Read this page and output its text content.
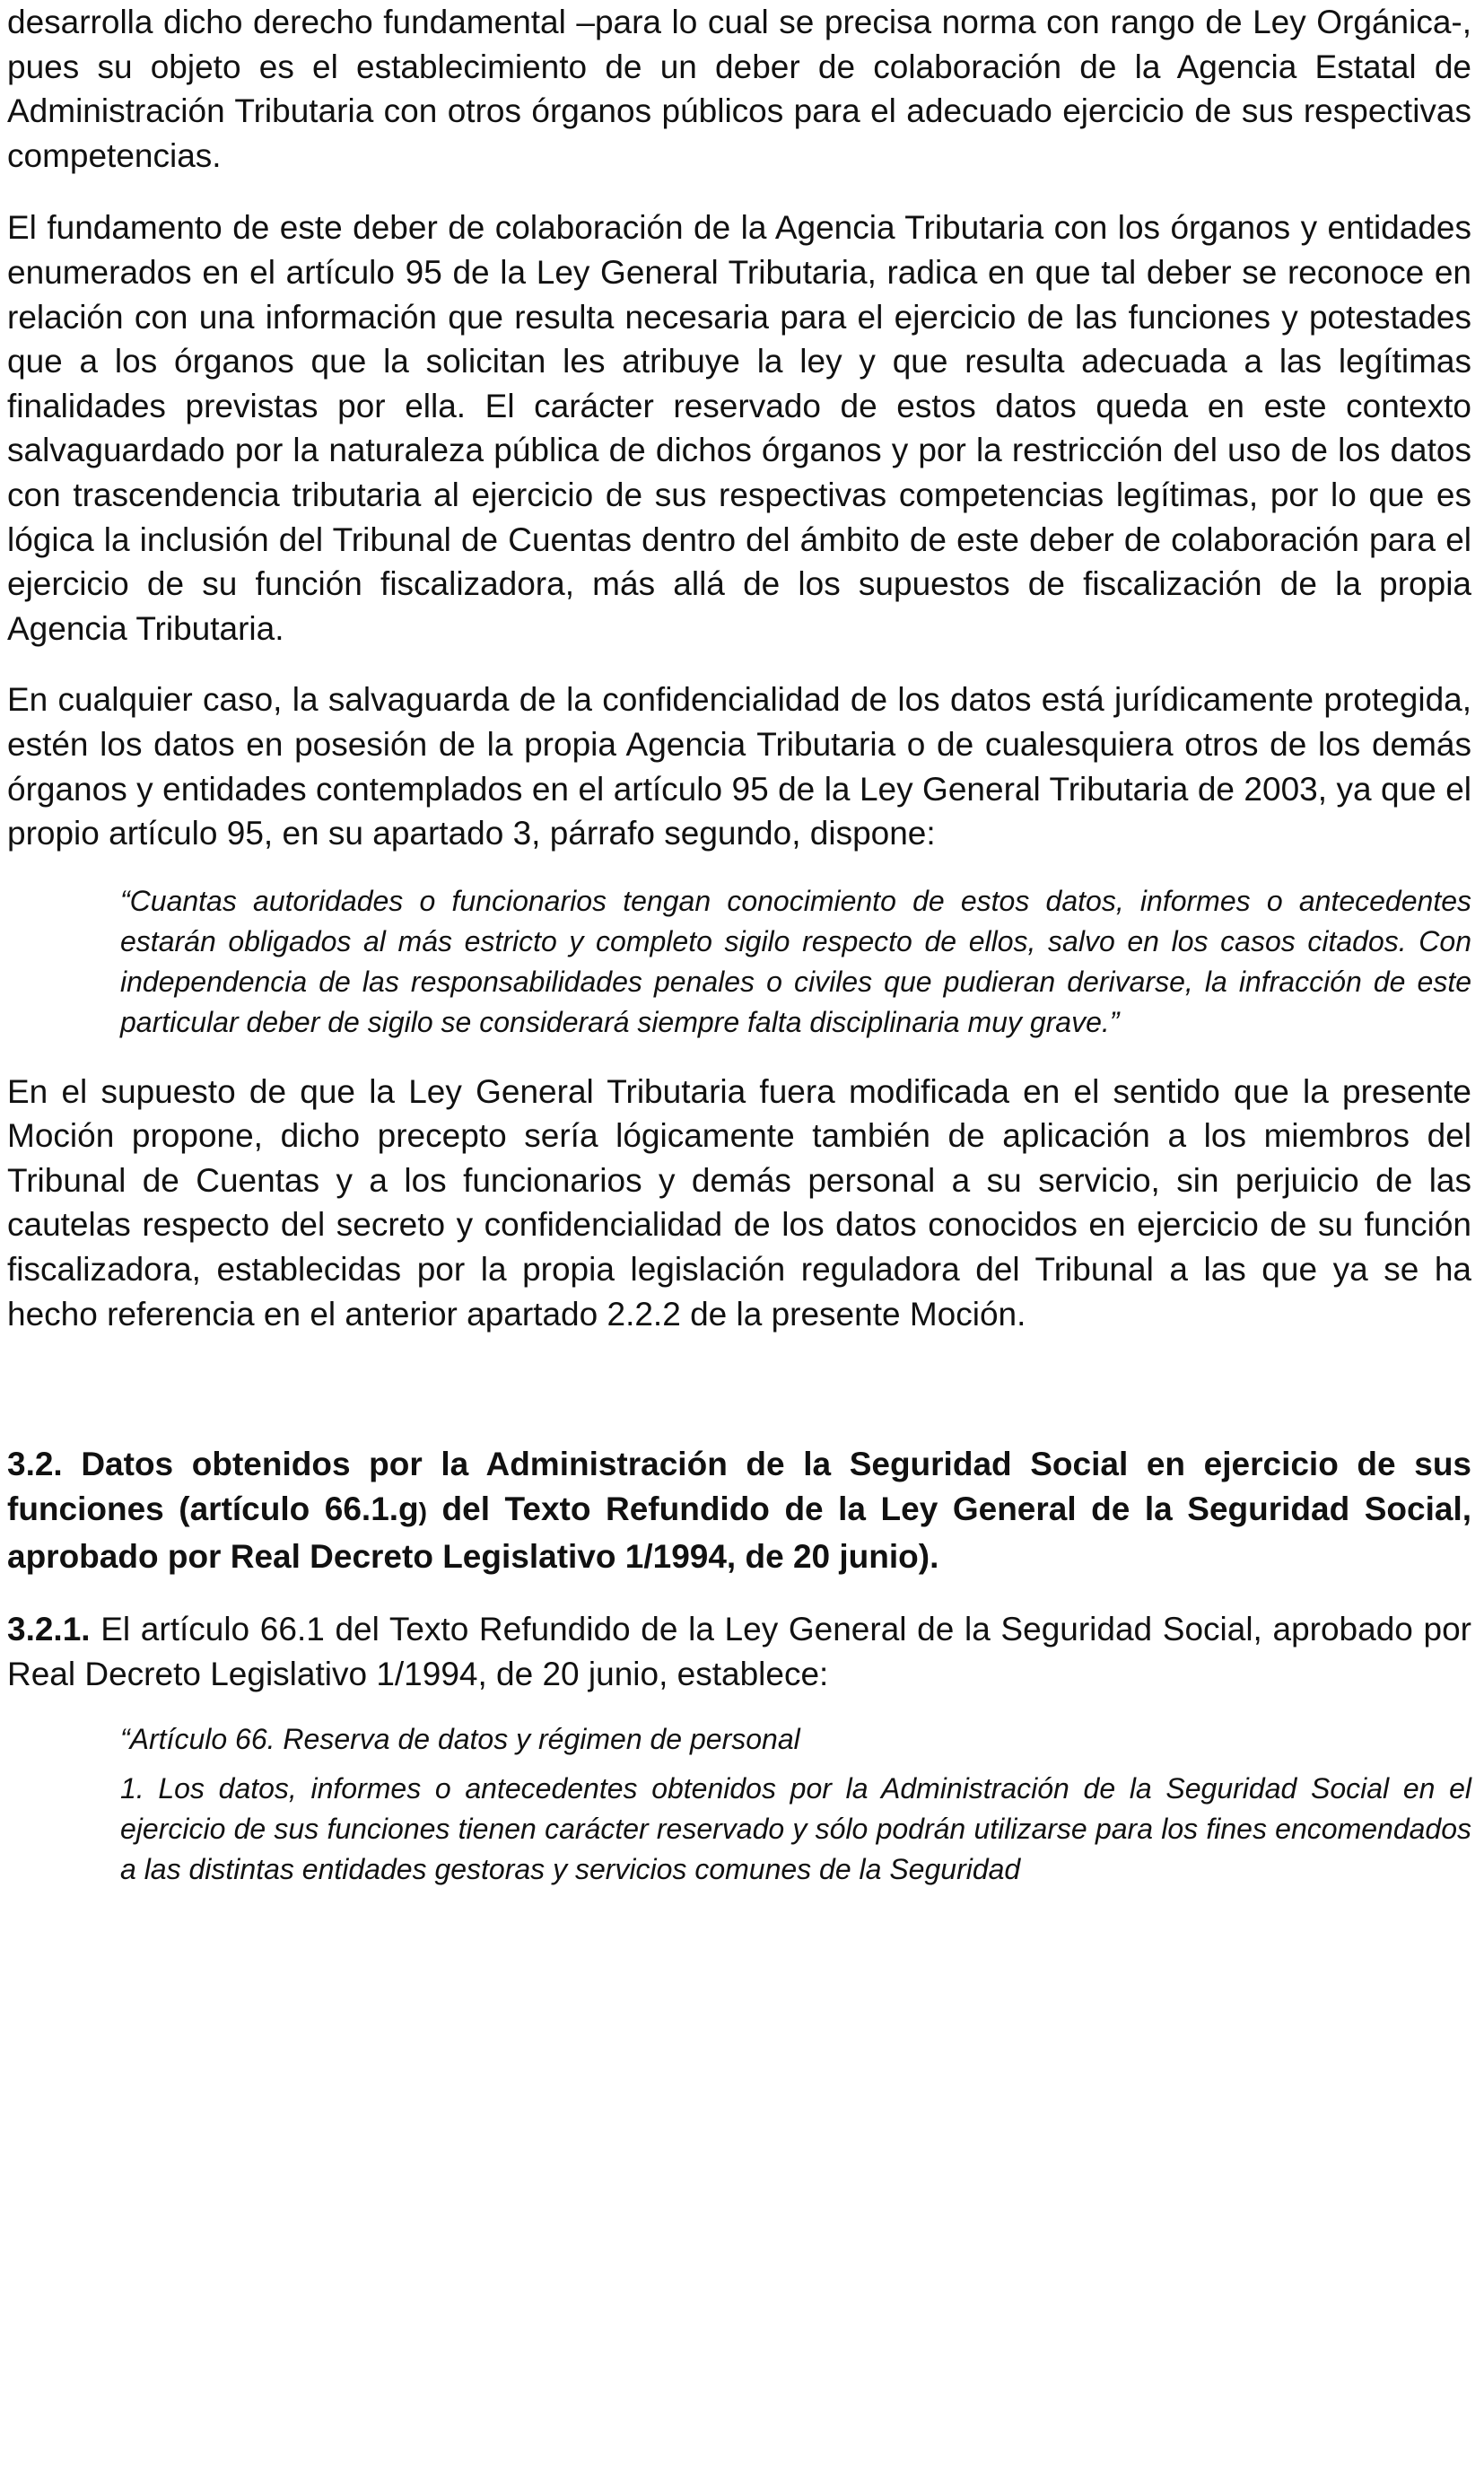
desarrolla dicho derecho fundamental –para lo cual se precisa norma con rango de Ley Orgánica-, pues su objeto es el establecimiento de un deber de colaboración de la Agencia Estatal de Administración Tributaria con otros órganos públicos para el adecuado ejercicio de sus respectivas competencias.

El fundamento de este deber de colaboración de la Agencia Tributaria con los órganos y entidades enumerados en el artículo 95 de la Ley General Tributaria, radica en que tal deber se reconoce en relación con una información que resulta necesaria para el ejercicio de las funciones y potestades que a los órganos que la solicitan les atribuye la ley y que resulta adecuada a las legítimas finalidades previstas por ella. El carácter reservado de estos datos queda en este contexto salvaguardado por la naturaleza pública de dichos órganos y por la restricción del uso de los datos con trascendencia tributaria al ejercicio de sus respectivas competencias legítimas, por lo que es lógica la inclusión del Tribunal de Cuentas dentro del ámbito de este deber de colaboración para el ejercicio de su función fiscalizadora, más allá de los supuestos de fiscalización de la propia Agencia Tributaria.

En cualquier caso, la salvaguarda de la confidencialidad de los datos está jurídicamente protegida, estén los datos en posesión de la propia Agencia Tributaria o de cualesquiera otros de los demás órganos y entidades contemplados en el artículo 95 de la Ley General Tributaria de 2003, ya que el propio artículo 95, en su apartado 3, párrafo segundo, dispone:

“Cuantas autoridades o funcionarios tengan conocimiento de estos datos, informes o antecedentes estarán obligados al más estricto y completo sigilo respecto de ellos, salvo en los casos citados. Con independencia de las responsabilidades penales o civiles que pudieran derivarse, la infracción de este particular deber de sigilo se considerará siempre falta disciplinaria muy grave.”

En el supuesto de que la Ley General Tributaria fuera modificada en el sentido que la presente Moción propone, dicho precepto sería lógicamente también de aplicación a los miembros del Tribunal de Cuentas y a los funcionarios y demás personal a su servicio, sin perjuicio de las cautelas respecto del secreto y confidencialidad de los datos conocidos en ejercicio de su función fiscalizadora, establecidas por la propia legislación reguladora del Tribunal a las que ya se ha hecho referencia en el anterior apartado 2.2.2 de la presente Moción.

3.2. Datos obtenidos por la Administración de la Seguridad Social en ejercicio de sus funciones (artículo 66.1.g) del Texto Refundido de la Ley General de la Seguridad Social, aprobado por Real Decreto Legislativo 1/1994, de 20 junio).

3.2.1. El artículo 66.1 del Texto Refundido de la Ley General de la Seguridad Social, aprobado por Real Decreto Legislativo 1/1994, de 20 junio, establece:

“Artículo 66. Reserva de datos y régimen de personal

1. Los datos, informes o antecedentes obtenidos por la Administración de la Seguridad Social en el ejercicio de sus funciones tienen carácter reservado y sólo podrán utilizarse para los fines encomendados a las distintas entidades gestoras y servicios comunes de la Seguridad
